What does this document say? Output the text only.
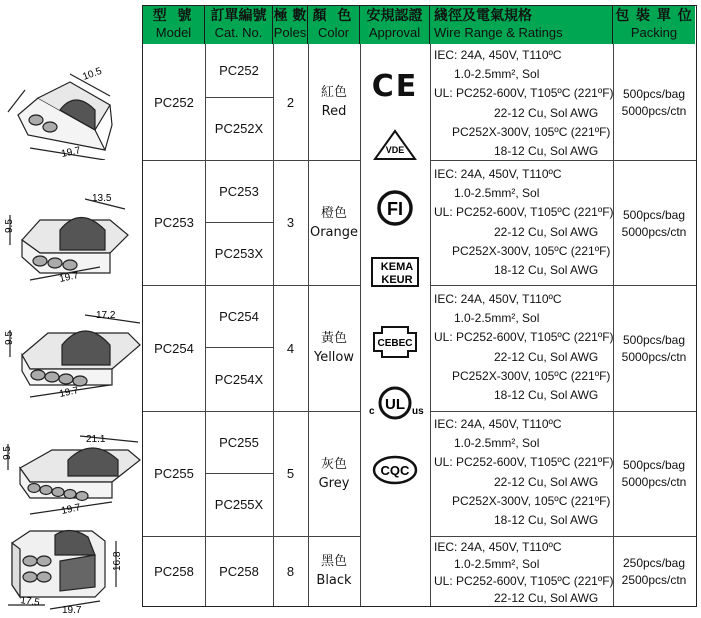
10.5
19.7
13.5
9.5
19.7
17.2
9.5
19.7
21.1
9.5
19.7
16.8
17.5
19.7
型 號
Model
訂單編號
Cat. No.
極 數
Poles
顏 色
Color
安規認證
Approval
綫徑及電氣規格
Wire Range & Ratings
包 裝 單 位
Packing
PC252
PC252
PC252X
2
紅色
Red
IEC: 24A, 450V, T110ºC
1.0-2.5mm², Sol
UL: PC252-600V, T105ºC (221ºF)
22-12 Cu, Sol AWG
PC252X-300V, 105ºC (221ºF)
18-12 Cu, Sol AWG
500pcs/bag
5000pcs/ctn
PC253
PC253
PC253X
3
橙色
Orange
IEC: 24A, 450V, T110ºC
1.0-2.5mm², Sol
UL: PC252-600V, T105ºC (221ºF)
22-12 Cu, Sol AWG
PC252X-300V, 105ºC (221ºF)
18-12 Cu, Sol AWG
500pcs/bag
5000pcs/ctn
PC254
PC254
PC254X
4
黃色
Yellow
IEC: 24A, 450V, T110ºC
1.0-2.5mm², Sol
UL: PC252-600V, T105ºC (221ºF)
22-12 Cu, Sol AWG
PC252X-300V, 105ºC (221ºF)
18-12 Cu, Sol AWG
500pcs/bag
5000pcs/ctn
PC255
PC255
PC255X
5
灰色
Grey
IEC: 24A, 450V, T110ºC
1.0-2.5mm², Sol
UL: PC252-600V, T105ºC (221ºF)
22-12 Cu, Sol AWG
PC252X-300V, 105ºC (221ºF)
18-12 Cu, Sol AWG
500pcs/bag
5000pcs/ctn
PC258	PC258	8
黑色
Black
IEC: 24A, 450V, T110ºC
1.0-2.5mm², Sol
UL: PC252-600V, T105ºC (221ºF)
22-12 Cu, Sol AWG
250pcs/bag
2500pcs/ctn
CE
VDE
FI
KEMA
KEUR
CEBEC
c UL us
CQC
